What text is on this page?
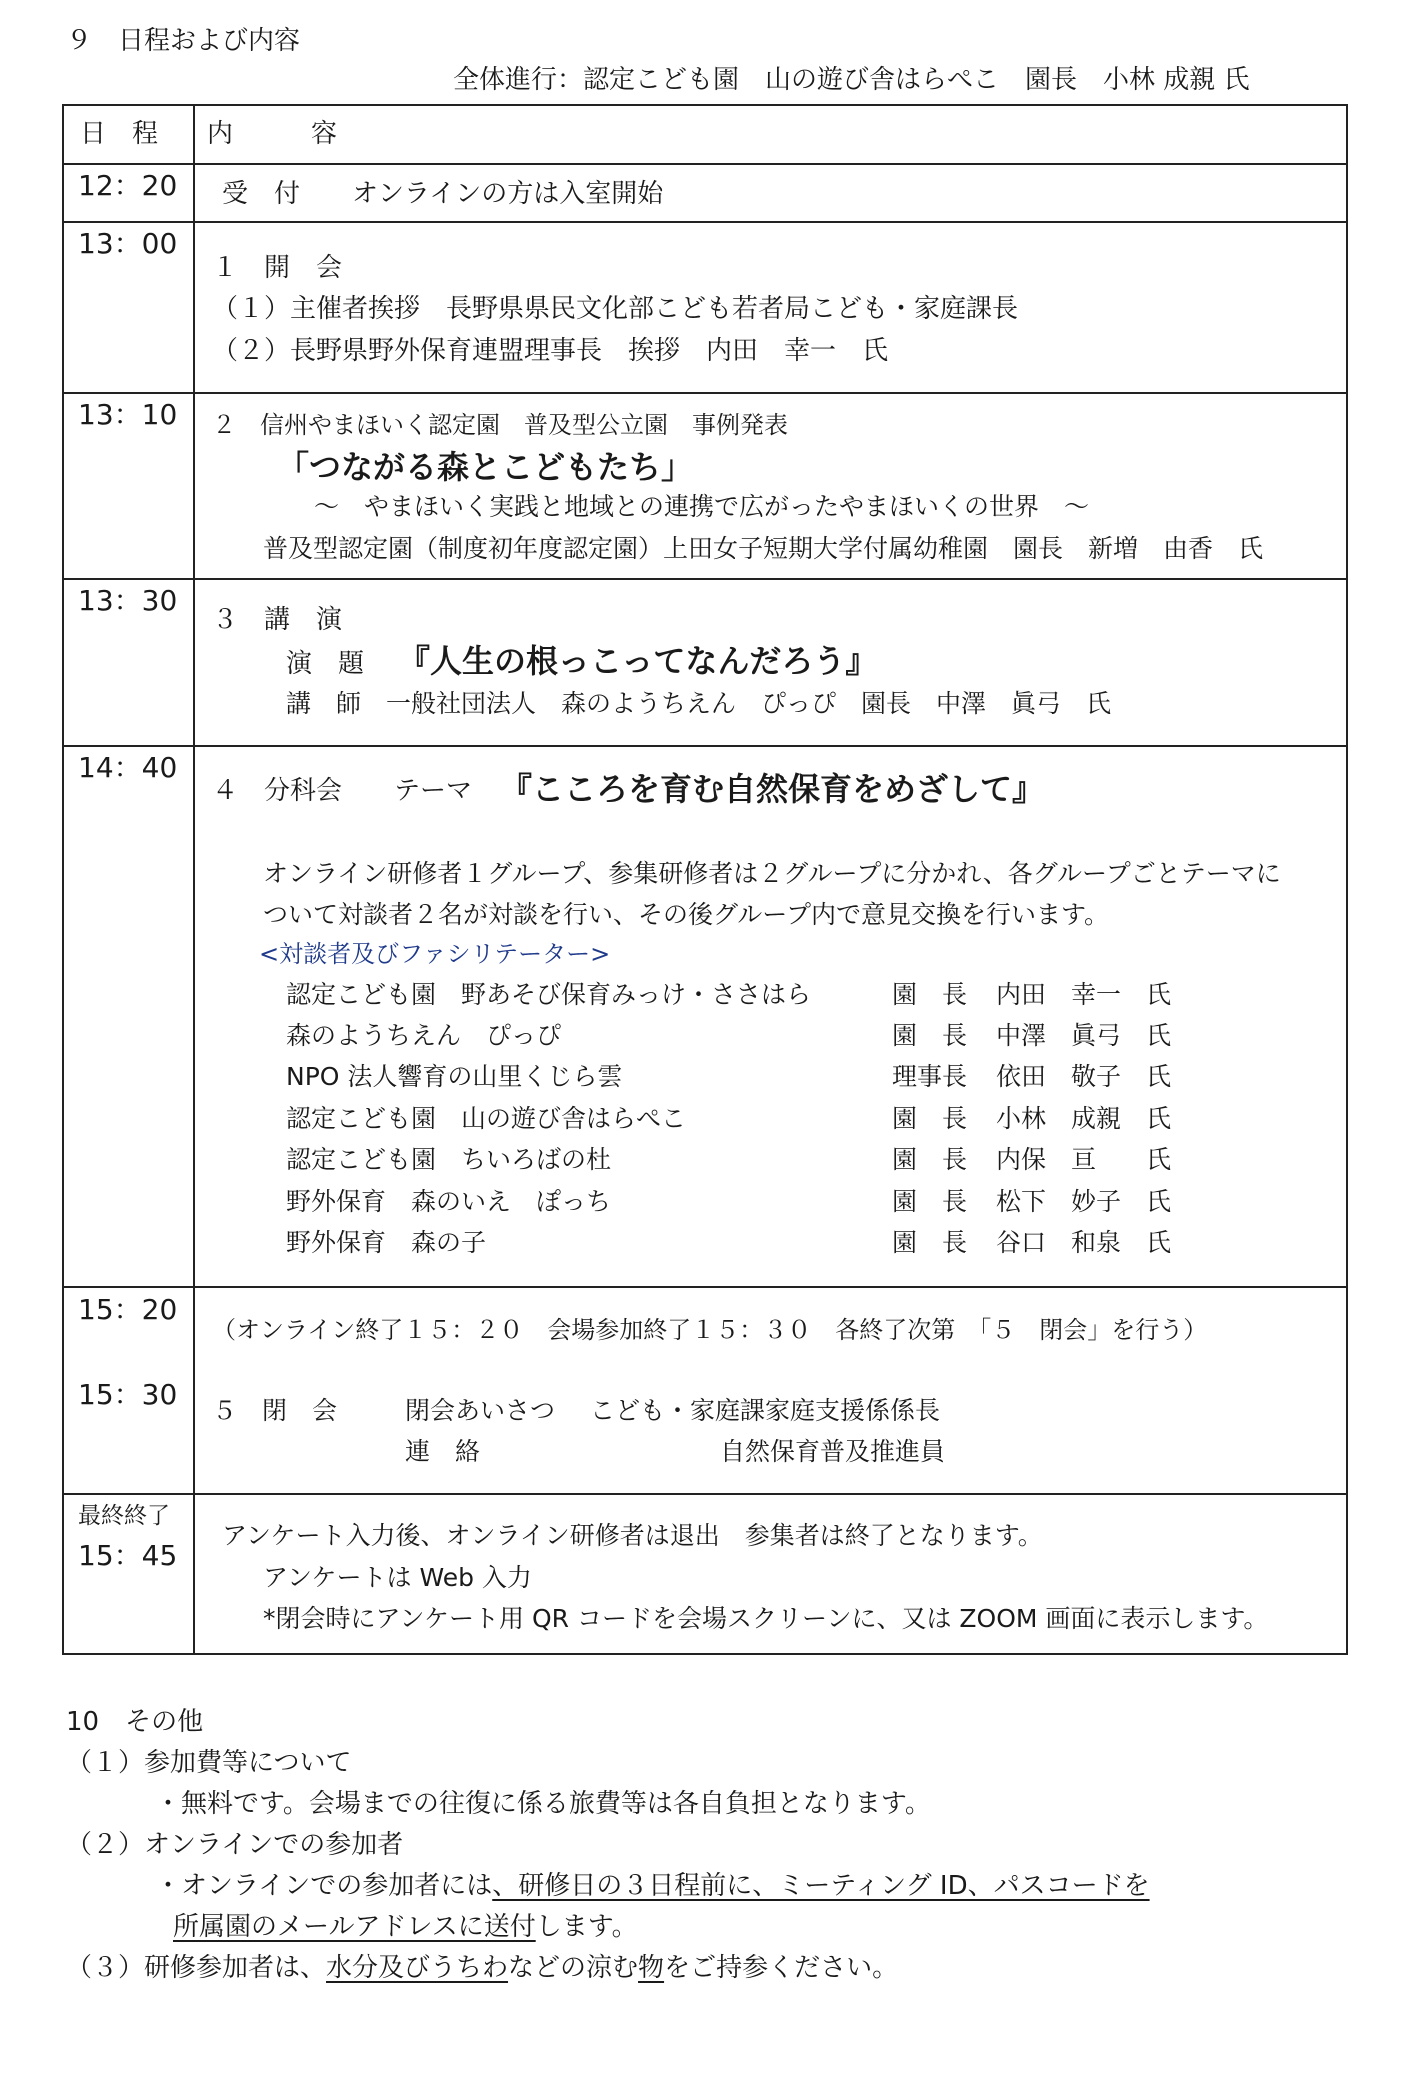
９　日程および内容
全体進行：認定こども園　山の遊び舎はらぺこ　園長　小林 成親 氏
日　程 内　　　容
12：20 受　付　　オンラインの方は入室開始
13：00
１　開　会
（１）主催者挨拶　長野県県民文化部こども若者局こども・家庭課長
（２）長野県野外保育連盟理事長　挨拶　内田　幸一　氏
13：10 ２　信州やまほいく認定園　普及型公立園　事例発表
「つながる森とこどもたち」
～　やまほいく実践と地域との連携で広がったやまほいくの世界　～
普及型認定園（制度初年度認定園）上田女子短期大学付属幼稚園　園長　新増　由香　氏
13：30
３　講　演
演　題 『人生の根っこってなんだろう』
講　師　一般社団法人　森のようちえん　ぴっぴ　園長　中澤　眞弓　氏
14：40
４　分科会　　テーマ 『こころを育む自然保育をめざして』
オンライン研修者１グループ、参集研修者は２グループに分かれ、各グループごとテーマに
ついて対談者２名が対談を行い、その後グループ内で意見交換を行います。
<対談者及びファシリテーター>
認定こども園　野あそび保育みっけ・ささはら	園　長 内田　幸一　氏
森のようちえん　ぴっぴ	園　長 中澤　眞弓　氏
NPO 法人響育の山里くじら雲	理事長 依田　敬子　氏
認定こども園　山の遊び舎はらぺこ	園　長 小林　成親　氏
認定こども園　ちいろばの杜	園　長 内保　亘　　氏
野外保育　森のいえ　ぽっち	園　長 松下　妙子　氏
野外保育　森の子	園　長 谷口　和泉　氏
15：20
15：30
（オンライン終了１５：２０　会場参加終了１５：３０　各終了次第　「５　閉会」を行う）
５　閉　会	閉会あいさつ こども・家庭課家庭支援係係長
連　絡	自然保育普及推進員
最終終了
15：45
アンケート入力後、オンライン研修者は退出　参集者は終了となります。
アンケートは Web 入力
*閉会時にアンケート用 QR コードを会場スクリーンに、又は ZOOM 画面に表示します。
10　その他
（１）参加費等について
・無料です。会場までの往復に係る旅費等は各自負担となります。
（２）オンラインでの参加者
・オンラインでの参加者には、研修日の３日程前に、ミーティング ID、パスコードを
所属園のメールアドレスに送付します。
（３）研修参加者は、水分及びうちわなどの涼む物をご持参ください。
